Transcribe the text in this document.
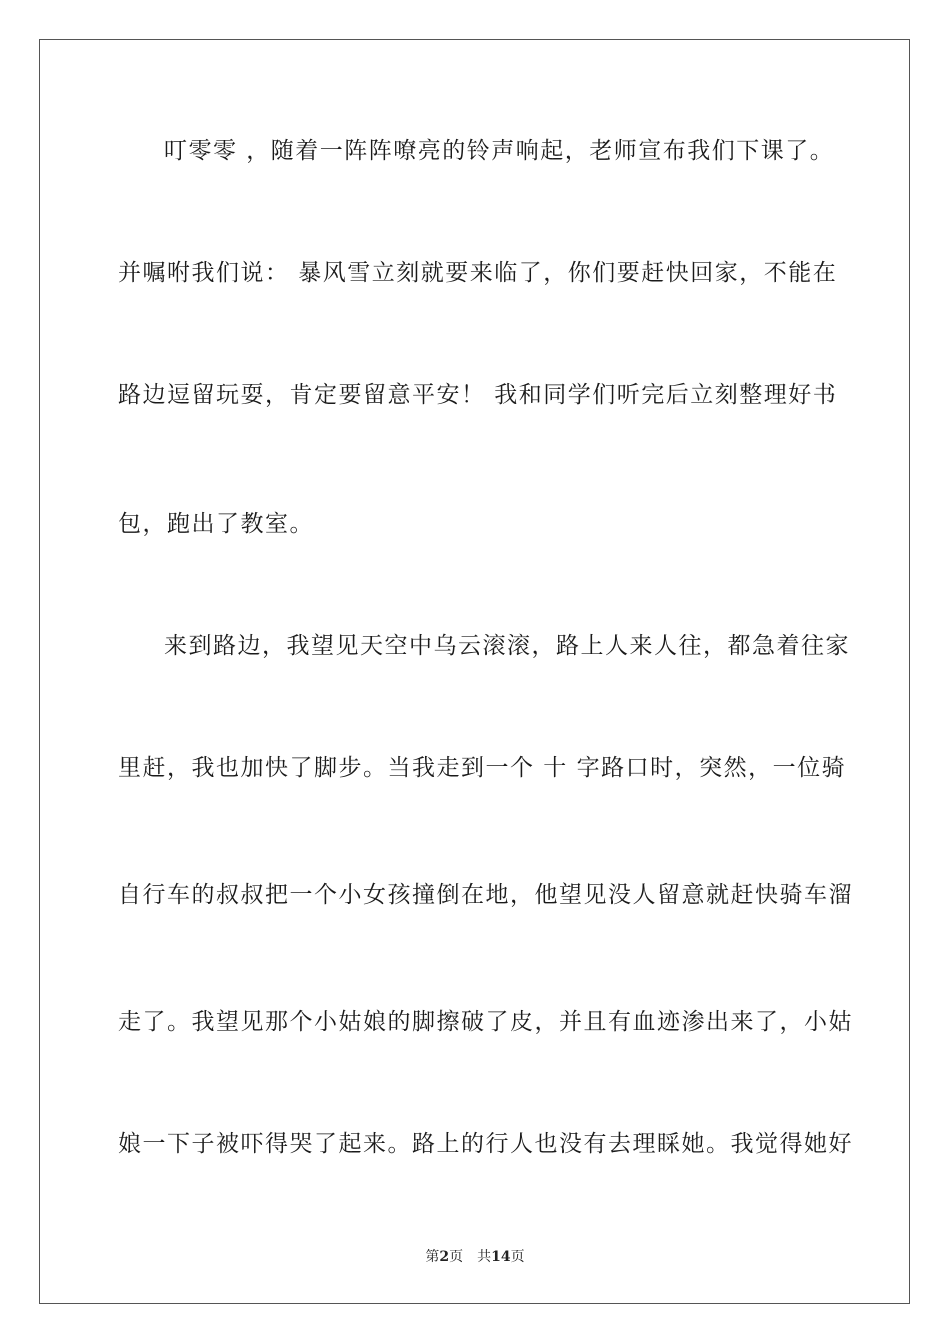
叮零零 ，随着一阵阵嘹亮的铃声响起，老师宣布我们下课了。
并嘱咐我们说： 暴风雪立刻就要来临了，你们要赶快回家，不能在
路边逗留玩耍，肯定要留意平安！ 我和同学们听完后立刻整理好书
包，跑出了教室。
来到路边，我望见天空中乌云滚滚，路上人来人往，都急着往家
里赶，我也加快了脚步。当我走到一个 十 字路口时，突然，一位骑
自行车的叔叔把一个小女孩撞倒在地，他望见没人留意就赶快骑车溜
走了。我望见那个小姑娘的脚擦破了皮，并且有血迹渗出来了，小姑
娘一下子被吓得哭了起来。路上的行人也没有去理睬她。我觉得她好
第2页 共14页
